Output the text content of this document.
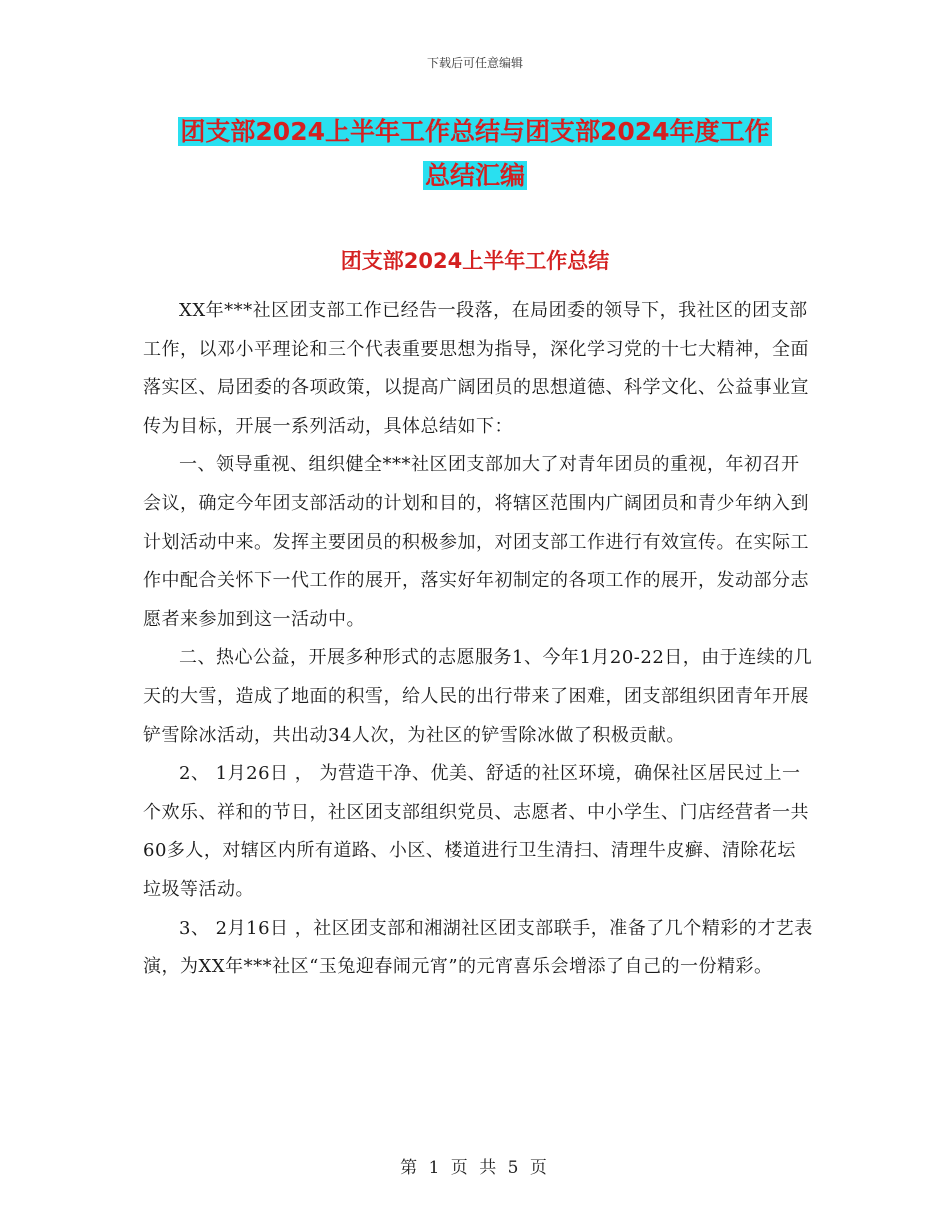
下载后可任意编辑
团支部2024上半年工作总结与团支部2024年度工作
总结汇编
团支部2024上半年工作总结

XX年***社区团支部工作已经告一段落，在局团委的领导下，我社区的团支部工作，以邓小平理论和三个代表重要思想为指导，深化学习党的十七大精神，全面落实区、局团委的各项政策，以提高广阔团员的思想道德、科学文化、公益事业宣传为目标，开展一系列活动，具体总结如下：

一、领导重视、组织健全***社区团支部加大了对青年团员的重视，年初召开会议，确定今年团支部活动的计划和目的，将辖区范围内广阔团员和青少年纳入到计划活动中来。发挥主要团员的积极参加，对团支部工作进行有效宣传。在实际工作中配合关怀下一代工作的展开，落实好年初制定的各项工作的展开，发动部分志愿者来参加到这一活动中。

二、热心公益，开展多种形式的志愿服务1、今年1月20-22日，由于连续的几天的大雪，造成了地面的积雪，给人民的出行带来了困难，团支部组织团青年开展铲雪除冰活动，共出动34人次，为社区的铲雪除冰做了积极贡献。

2、 1月26日 ， 为营造干净、优美、舒适的社区环境，确保社区居民过上一个欢乐、祥和的节日，社区团支部组织党员、志愿者、中小学生、门店经营者一共60多人，对辖区内所有道路、小区、楼道进行卫生清扫、清理牛皮癣、清除花坛垃圾等活动。

3、 2月16日 ，社区团支部和湘湖社区团支部联手，准备了几个精彩的才艺表演，为XX年***社区“玉兔迎春闹元宵”的元宵喜乐会增添了自己的一份精彩。

第 1 页 共 5 页
